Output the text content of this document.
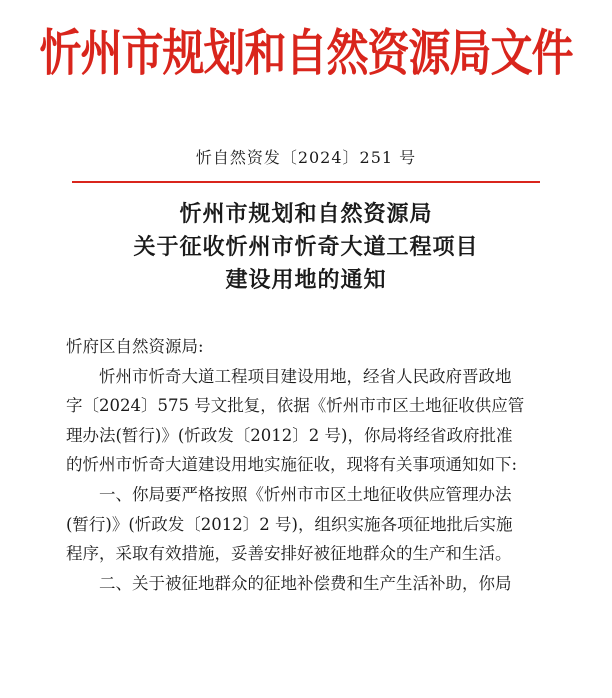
忻州市规划和自然资源局文件
忻自然资发〔2024〕251 号
忻州市规划和自然资源局
关于征收忻州市忻奇大道工程项目
建设用地的通知
忻府区自然资源局:
忻州市忻奇大道工程项目建设用地，经省人民政府晋政地
字〔2024〕575 号文批复，依据《忻州市市区土地征收供应管
理办法(暂行)》(忻政发〔2012〕2 号)，你局将经省政府批准
的忻州市忻奇大道建设用地实施征收，现将有关事项通知如下:
一、你局要严格按照《忻州市市区土地征收供应管理办法
(暂行)》(忻政发〔2012〕2 号)，组织实施各项征地批后实施
程序，采取有效措施，妥善安排好被征地群众的生产和生活。
二、关于被征地群众的征地补偿费和生产生活补助，你局
